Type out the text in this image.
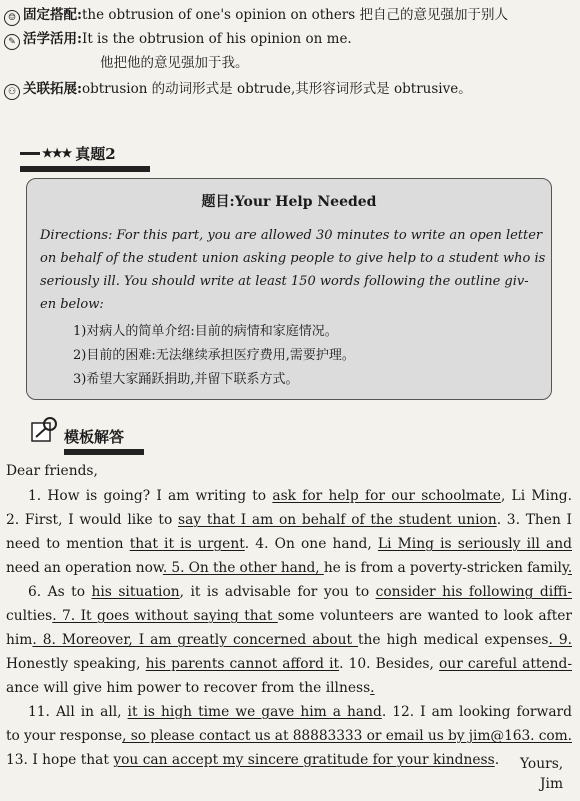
☺ 固定搭配:the obtrusion of one's opinion on others 把自己的意见强加于别人
✎ 活学活用:It is the obtrusion of his opinion on me.
他把他的意见强加于我。
⚇ 关联拓展:obtrusion 的动词形式是 obtrude,其形容词形式是 obtrusive。
★★★ 真题2
题目:Your Help Needed
Directions: For this part, you are allowed 30 minutes to write an open letter
on behalf of the student union asking people to give help to a student who is
seriously ill. You should write at least 150 words following the outline giv-
en below:
1)对病人的简单介绍:目前的病情和家庭情况。
2)目前的困难:无法继续承担医疗费用,需要护理。
3)希望大家踊跃捐助,并留下联系方式。
模板解答
Dear friends,
1. How is going? I am writing to ask for help for our schoolmate, Li Ming.
2. First, I would like to say that I am on behalf of the student union. 3. Then I
need to mention that it is urgent. 4. On one hand, Li Ming is seriously ill and
need an operation now. 5. On the other hand, he is from a poverty-stricken family.
6. As to his situation, it is advisable for you to consider his following diffi-
culties. 7. It goes without saying that some volunteers are wanted to look after
him. 8. Moreover, I am greatly concerned about the high medical expenses. 9.
Honestly speaking, his parents cannot afford it. 10. Besides, our careful attend-
ance will give him power to recover from the illness.
11. All in all, it is high time we gave him a hand. 12. I am looking forward
to your response, so please contact us at 88883333 or email us by jim@163. com.
13. I hope that you can accept my sincere gratitude for your kindness. Yours,
Jim
